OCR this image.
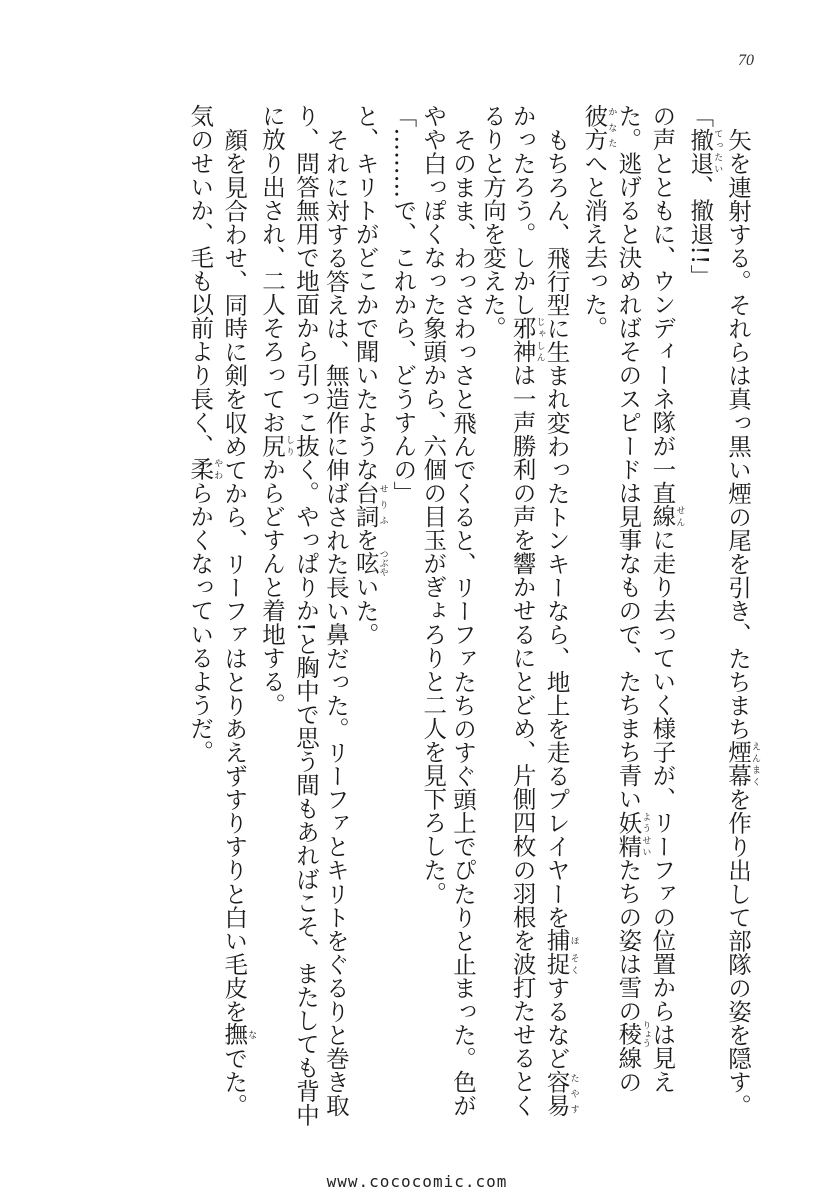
70

矢を連射する。それらは真っ黒い煙の尾を引き、たちまち煙幕えんまくを作り出して部隊の姿を隠す。

「撤退てったい、撤退!!」

の声とともに、ウンディーネ隊が一直線せんに走り去っていく様子が、リーファの位置からは見えた。逃げると決めればそのスピードは見事なもので、たちまち青い妖精ようせいたちの姿は雪の稜りょう線の彼方かなたへと消え去った。

もちろん、飛行型に生まれ変わったトンキーなら、地上を走るプレイヤーを捕ほ捉そくするなど容易たやすかったろう。しかし邪神じゃしんは一声勝利の声を響かせるにとどめ、片側四枚の羽根を波打たせるとくるりと方向を変えた。

そのまま、わっさわっさと飛んでくると、リーファたちのすぐ頭上でぴたりと止まった。色がやや白っぽくなった象頭から、六個の目玉がぎょろりと二人を見下ろした。

「………で、これから、どうすんの」

と、キリトがどこかで聞いたような台詞せりふを呟つぶやいた。

それに対する答えは、無造作に伸ばされた長い鼻だった。リーファとキリトをぐるりと巻き取り、問答無用で地面から引っこ抜く。やっぱりか!と胸中で思う間もあればこそ、またしても背中に放り出され、二人そろってお尻しりからどすんと着地する。

顔を見合わせ、同時に剣を収めてから、リーファはとりあえずすりすりと白い毛皮を撫なでた。気のせいか、毛も以前より長く、柔やわらかくなっているようだ。

www.cococomic.com
